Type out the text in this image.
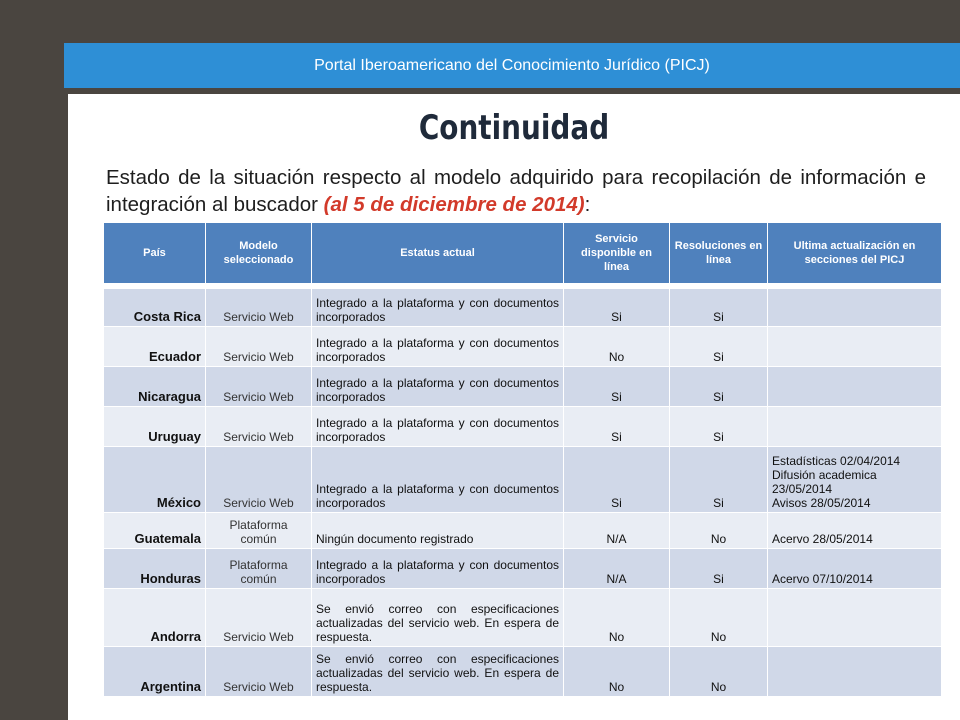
Portal Iberoamericano del Conocimiento Jurídico (PICJ)
Continuidad
Estado de la situación respecto al modelo adquirido para recopilación de información e integración al buscador (al 5 de diciembre de 2014):
País	Modelo seleccionado	Estatus actual	Servicio disponible en línea	Resoluciones en línea	Ultima actualización en secciones del PICJ

Costa Rica	Servicio Web	Integrado a la plataforma y con documentos incorporados	Si	Si	
Ecuador	Servicio Web	Integrado a la plataforma y con documentos incorporados	No	Si	
Nicaragua	Servicio Web	Integrado a la plataforma y con documentos incorporados	Si	Si	
Uruguay	Servicio Web	Integrado a la plataforma y con documentos incorporados	Si	Si	
México	Servicio Web	Integrado a la plataforma y con documentos incorporados	Si	Si	Estadísticas 02/04/2014
Difusión academica 23/05/2014
Avisos 28/05/2014
Guatemala	Plataforma común	Ningún documento registrado	N/A	No	Acervo 28/05/2014
Honduras	Plataforma común	Integrado a la plataforma y con documentos incorporados	N/A	Si	Acervo 07/10/2014
Andorra	Servicio Web	Se envió correo con especificaciones actualizadas del servicio web. En espera de respuesta.	No	No	
Argentina	Servicio Web	Se envió correo con especificaciones actualizadas del servicio web. En espera de respuesta.	No	No	
